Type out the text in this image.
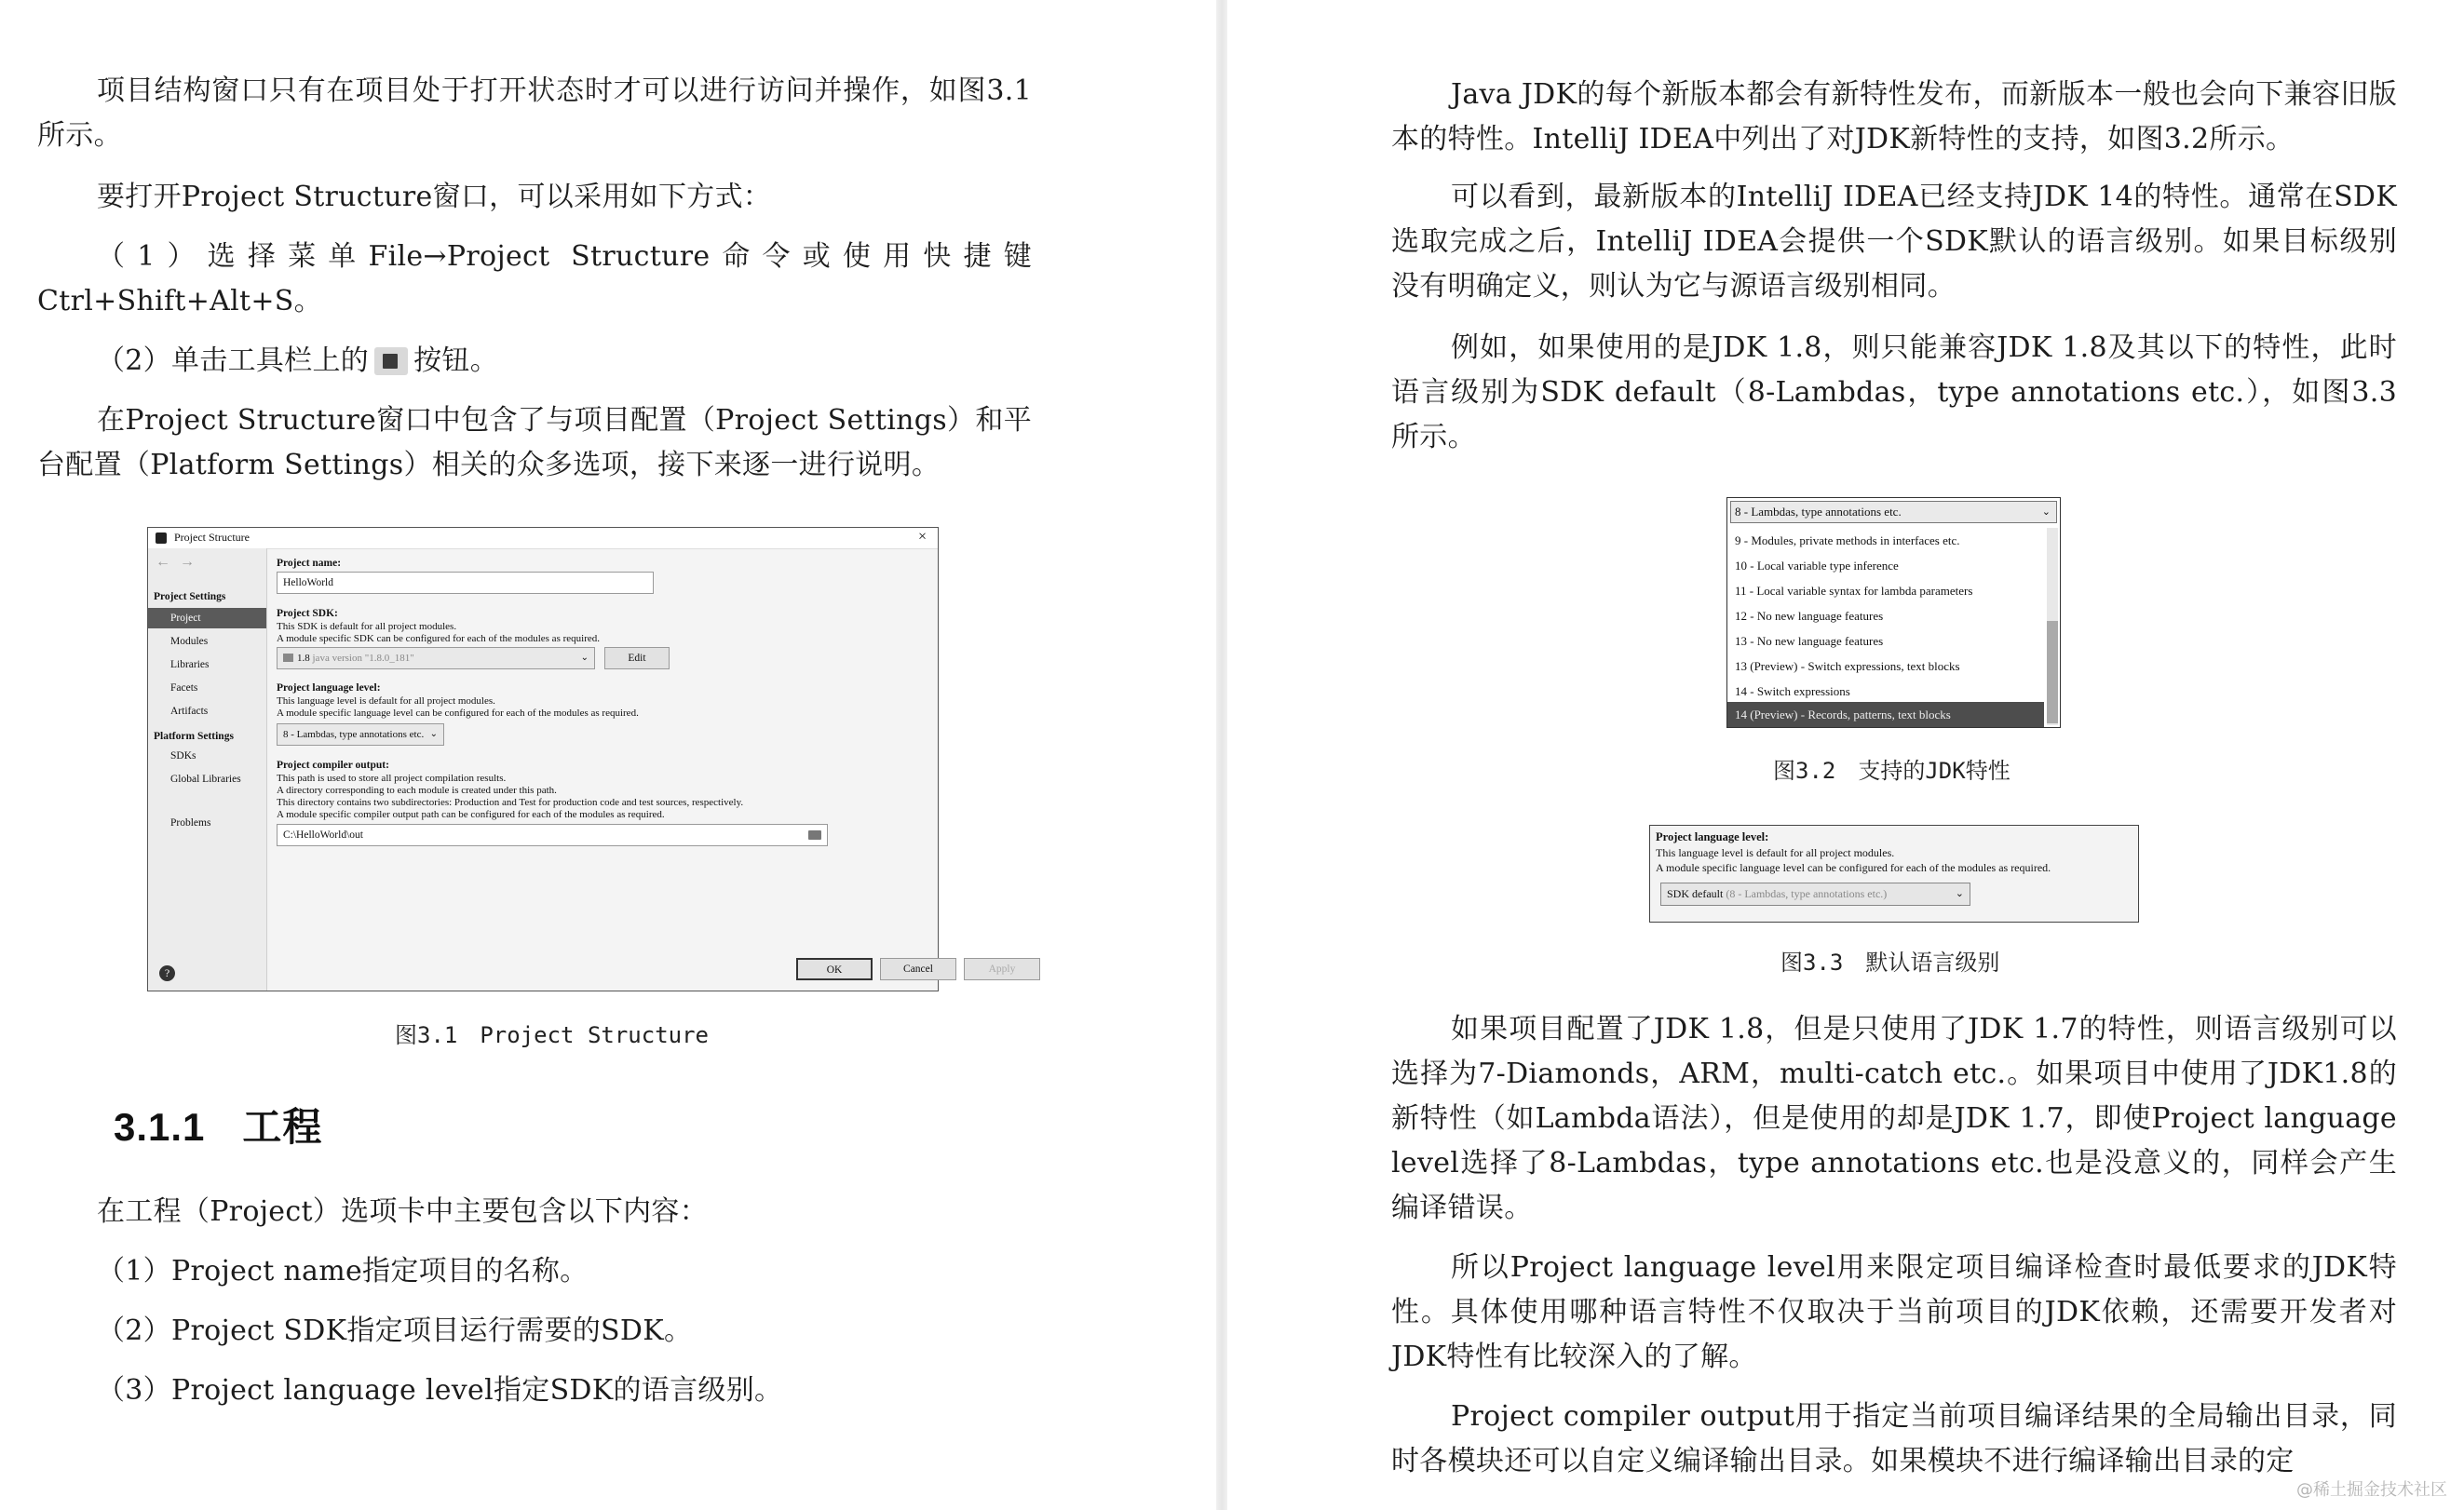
项目结构窗口只有在项目处于打开状态时才可以进行访问并操作，如图3.1所示。

要打开Project Structure窗口，可以采用如下方式：

（1）选择菜单File→Project Structure命令或使用快捷键Ctrl+Shift+Alt+S。

（2）单击工具栏上的 按钮。

在Project Structure窗口中包含了与项目配置（Project Settings）和平台配置（Platform Settings）相关的众多选项，接下来逐一进行说明。

Project Structure	×
←→
Project Settings
Project
Modules
Libraries
Facets
Artifacts
Platform Settings
SDKs
Global Libraries
Problems
Project name:
HelloWorld
Project SDK:
This SDK is default for all project modules.
A module specific SDK can be configured for each of the modules as required.
1.8 java version "1.8.0_181"	⌄	Edit
Project language level:
This language level is default for all project modules.
A module specific language level can be configured for each of the modules as required.
8 - Lambdas, type annotations etc. ⌄
Project compiler output:
This path is used to store all project compilation results.
A directory corresponding to each module is created under this path.
This directory contains two subdirectories: Production and Test for production code and test sources, respectively.
A module specific compiler output path can be configured for each of the modules as required.
C:\HelloWorld\out
OK	Cancel	Apply
?

图3.1 Project Structure

3.1.1 工程

在工程（Project）选项卡中主要包含以下内容：

（1）Project name指定项目的名称。

（2）Project SDK指定项目运行需要的SDK。

（3）Project language level指定SDK的语言级别。

Java JDK的每个新版本都会有新特性发布，而新版本一般也会向下兼容旧版本的特性。IntelliJ IDEA中列出了对JDK新特性的支持，如图3.2所示。

可以看到，最新版本的IntelliJ IDEA已经支持JDK 14的特性。通常在SDK选取完成之后，IntelliJ IDEA会提供一个SDK默认的语言级别。如果目标级别没有明确定义，则认为它与源语言级别相同。

例如，如果使用的是JDK 1.8，则只能兼容JDK 1.8及其以下的特性，此时语言级别为SDK default（8-Lambdas，type annotations etc.），如图3.3所示。

图3.2 支持的JDK特性

图3.3 默认语言级别

如果项目配置了JDK 1.8，但是只使用了JDK 1.7的特性，则语言级别可以选择为7-Diamonds，ARM，multi-catch etc.。如果项目中使用了JDK1.8的新特性（如Lambda语法），但是使用的却是JDK 1.7，即使Project language level选择了8-Lambdas，type annotations etc.也是没意义的，同样会产生编译错误。

所以Project language level用来限定项目编译检查时最低要求的JDK特性。具体使用哪种语言特性不仅取决于当前项目的JDK依赖，还需要开发者对JDK特性有比较深入的了解。

Project compiler output用于指定当前项目编译结果的全局输出目录，同时各模块还可以自定义编译输出目录。如果模块不进行编译输出目录的定

8 - Lambdas, type annotations etc.	⌄
9 - Modules, private methods in interfaces etc.
10 - Local variable type inference
11 - Local variable syntax for lambda parameters
12 - No new language features
13 - No new language features
13 (Preview) - Switch expressions, text blocks
14 - Switch expressions
14 (Preview) - Records, patterns, text blocks
Project language level:
This language level is default for all project modules.
A module specific language level can be configured for each of the modules as required.
SDK default (8 - Lambdas, type annotations etc.)	⌄
@稀土掘金技术社区
